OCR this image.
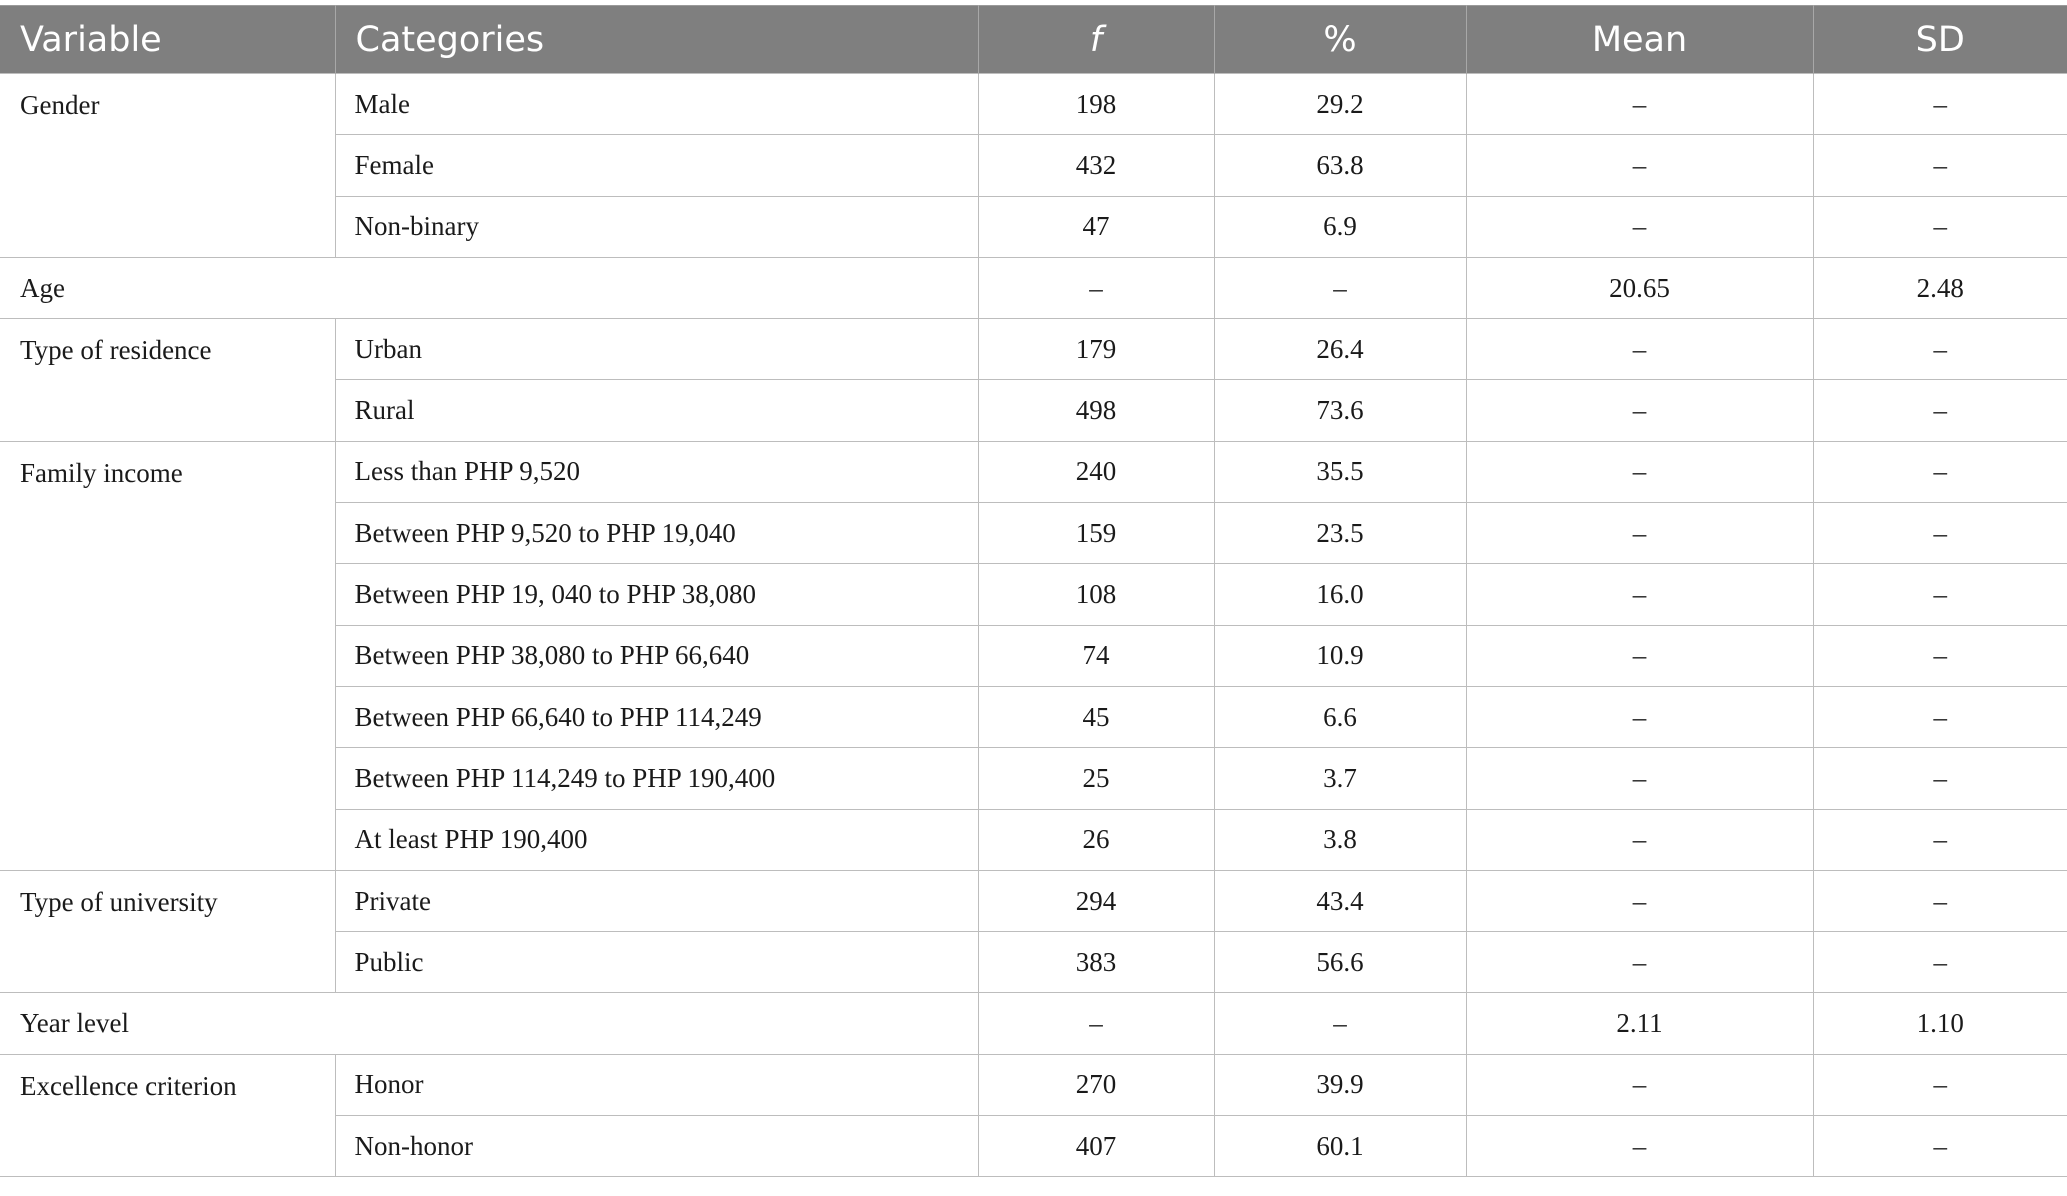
Variable	Categories	f	%	Mean	SD
Gender	Male	198	29.2	–	–
	Female	432	63.8	–	–
	Non-binary	47	6.9	–	–
Age		–	–	20.65	2.48
Type of residence	Urban	179	26.4	–	–
	Rural	498	73.6	–	–
Family income	Less than PHP 9,520	240	35.5	–	–
	Between PHP 9,520 to PHP 19,040	159	23.5	–	–
	Between PHP 19, 040 to PHP 38,080	108	16.0	–	–
	Between PHP 38,080 to PHP 66,640	74	10.9	–	–
	Between PHP 66,640 to PHP 114,249	45	6.6	–	–
	Between PHP 114,249 to PHP 190,400	25	3.7	–	–
	At least PHP 190,400	26	3.8	–	–
Type of university	Private	294	43.4	–	–
	Public	383	56.6	–	–
Year level		–	–	2.11	1.10
Excellence criterion	Honor	270	39.9	–	–
	Non-honor	407	60.1	–	–
